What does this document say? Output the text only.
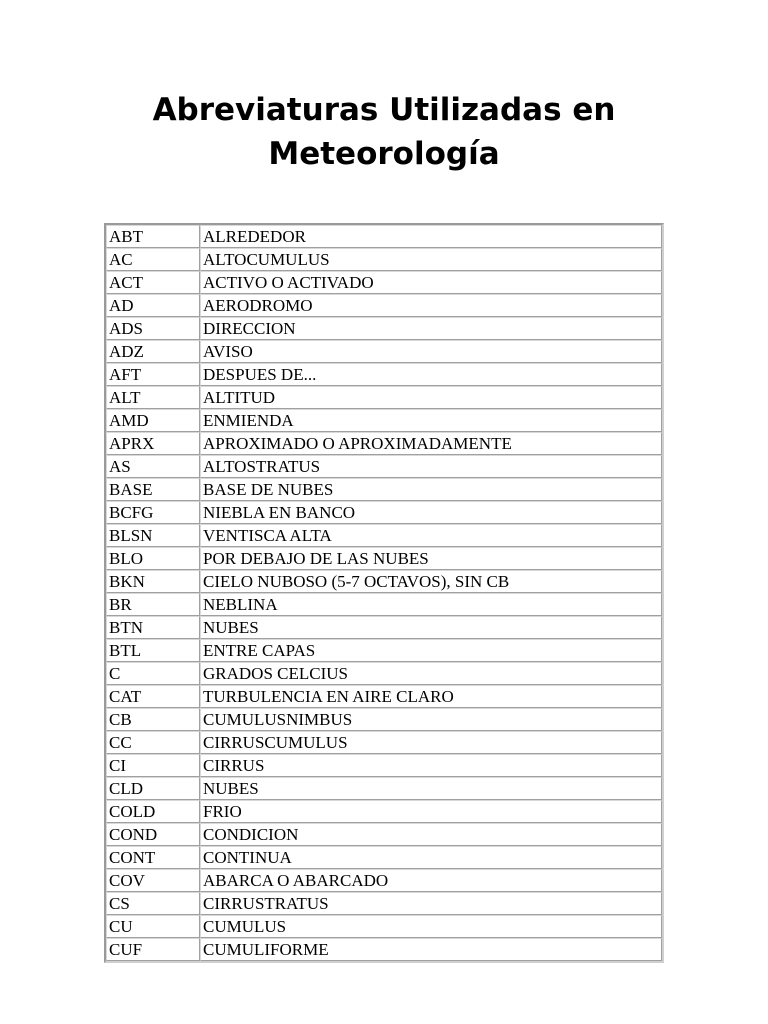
Abreviaturas Utilizadas en
Meteorología
ABT	ALREDEDOR
AC	ALTOCUMULUS
ACT	ACTIVO O ACTIVADO
AD	AERODROMO
ADS	DIRECCION
ADZ	AVISO
AFT	DESPUES DE...
ALT	ALTITUD
AMD	ENMIENDA
APRX	APROXIMADO O APROXIMADAMENTE
AS	ALTOSTRATUS
BASE	BASE DE NUBES
BCFG	NIEBLA EN BANCO
BLSN	VENTISCA ALTA
BLO	POR DEBAJO DE LAS NUBES
BKN	CIELO NUBOSO (5-7 OCTAVOS), SIN CB
BR	NEBLINA
BTN	NUBES
BTL	ENTRE CAPAS
C	GRADOS CELCIUS
CAT	TURBULENCIA EN AIRE CLARO
CB	CUMULUSNIMBUS
CC	CIRRUSCUMULUS
CI	CIRRUS
CLD	NUBES
COLD	FRIO
COND	CONDICION
CONT	CONTINUA
COV	ABARCA O ABARCADO
CS	CIRRUSTRATUS
CU	CUMULUS
CUF	CUMULIFORME
